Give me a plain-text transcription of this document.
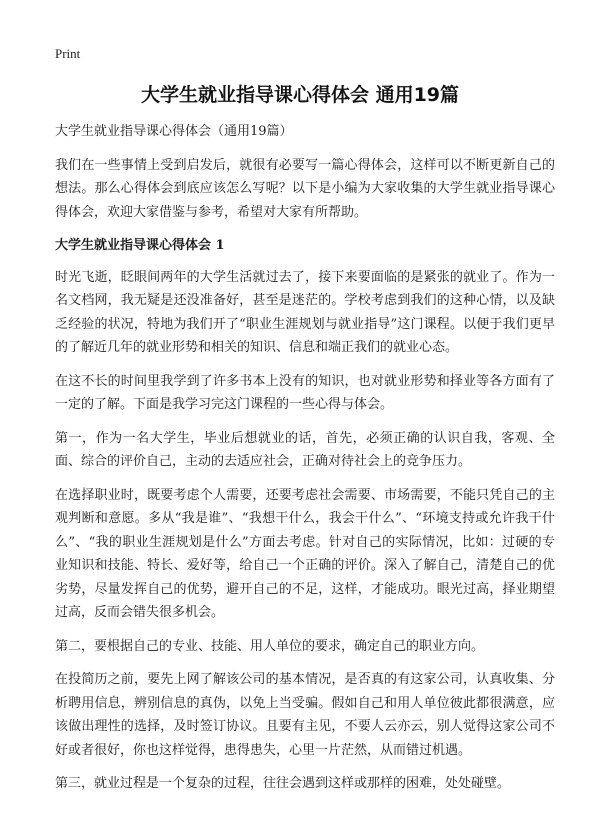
Print
大学生就业指导课心得体会 通用19篇

大学生就业指导课心得体会（通用19篇）

我们在一些事情上受到启发后，就很有必要写一篇心得体会，这样可以不断更新自己的想法。那么心得体会到底应该怎么写呢？以下是小编为大家收集的大学生就业指导课心得体会，欢迎大家借鉴与参考，希望对大家有所帮助。

大学生就业指导课心得体会 1

时光飞逝，眨眼间两年的大学生活就过去了，接下来要面临的是紧张的就业了。作为一名文档网，我无疑是还没准备好，甚至是迷茫的。学校考虑到我们的这种心情，以及缺乏经验的状况，特地为我们开了“职业生涯规划与就业指导”这门课程。以便于我们更早的了解近几年的就业形势和相关的知识、信息和端正我们的就业心态。

在这不长的时间里我学到了许多书本上没有的知识，也对就业形势和择业等各方面有了一定的了解。下面是我学习完这门课程的一些心得与体会。

第一，作为一名大学生，毕业后想就业的话，首先，必须正确的认识自我，客观、全面、综合的评价自己，主动的去适应社会，正确对待社会上的竞争压力。

在选择职业时，既要考虑个人需要，还要考虑社会需要、市场需要，不能只凭自己的主观判断和意愿。多从“我是谁”、“我想干什么，我会干什么”、“环境支持或允许我干什么”、“我的职业生涯规划是什么”方面去考虑。针对自己的实际情况，比如：过硬的专业知识和技能、特长、爱好等，给自己一个正确的评价。深入了解自己，清楚自己的优劣势，尽量发挥自己的优势，避开自己的不足，这样，才能成功。眼光过高，择业期望过高，反而会错失很多机会。

第二，要根据自己的专业、技能、用人单位的要求，确定自己的职业方向。

在投简历之前，要先上网了解该公司的基本情况，是否真的有这家公司，认真收集、分析聘用信息，辨别信息的真伪，以免上当受骗。假如自己和用人单位彼此都很满意，应该做出理性的选择，及时签订协议。且要有主见，不要人云亦云，别人觉得这家公司不好或者很好，你也这样觉得，患得患失，心里一片茫然，从而错过机遇。

第三，就业过程是一个复杂的过程，往往会遇到这样或那样的困难，处处碰壁。
